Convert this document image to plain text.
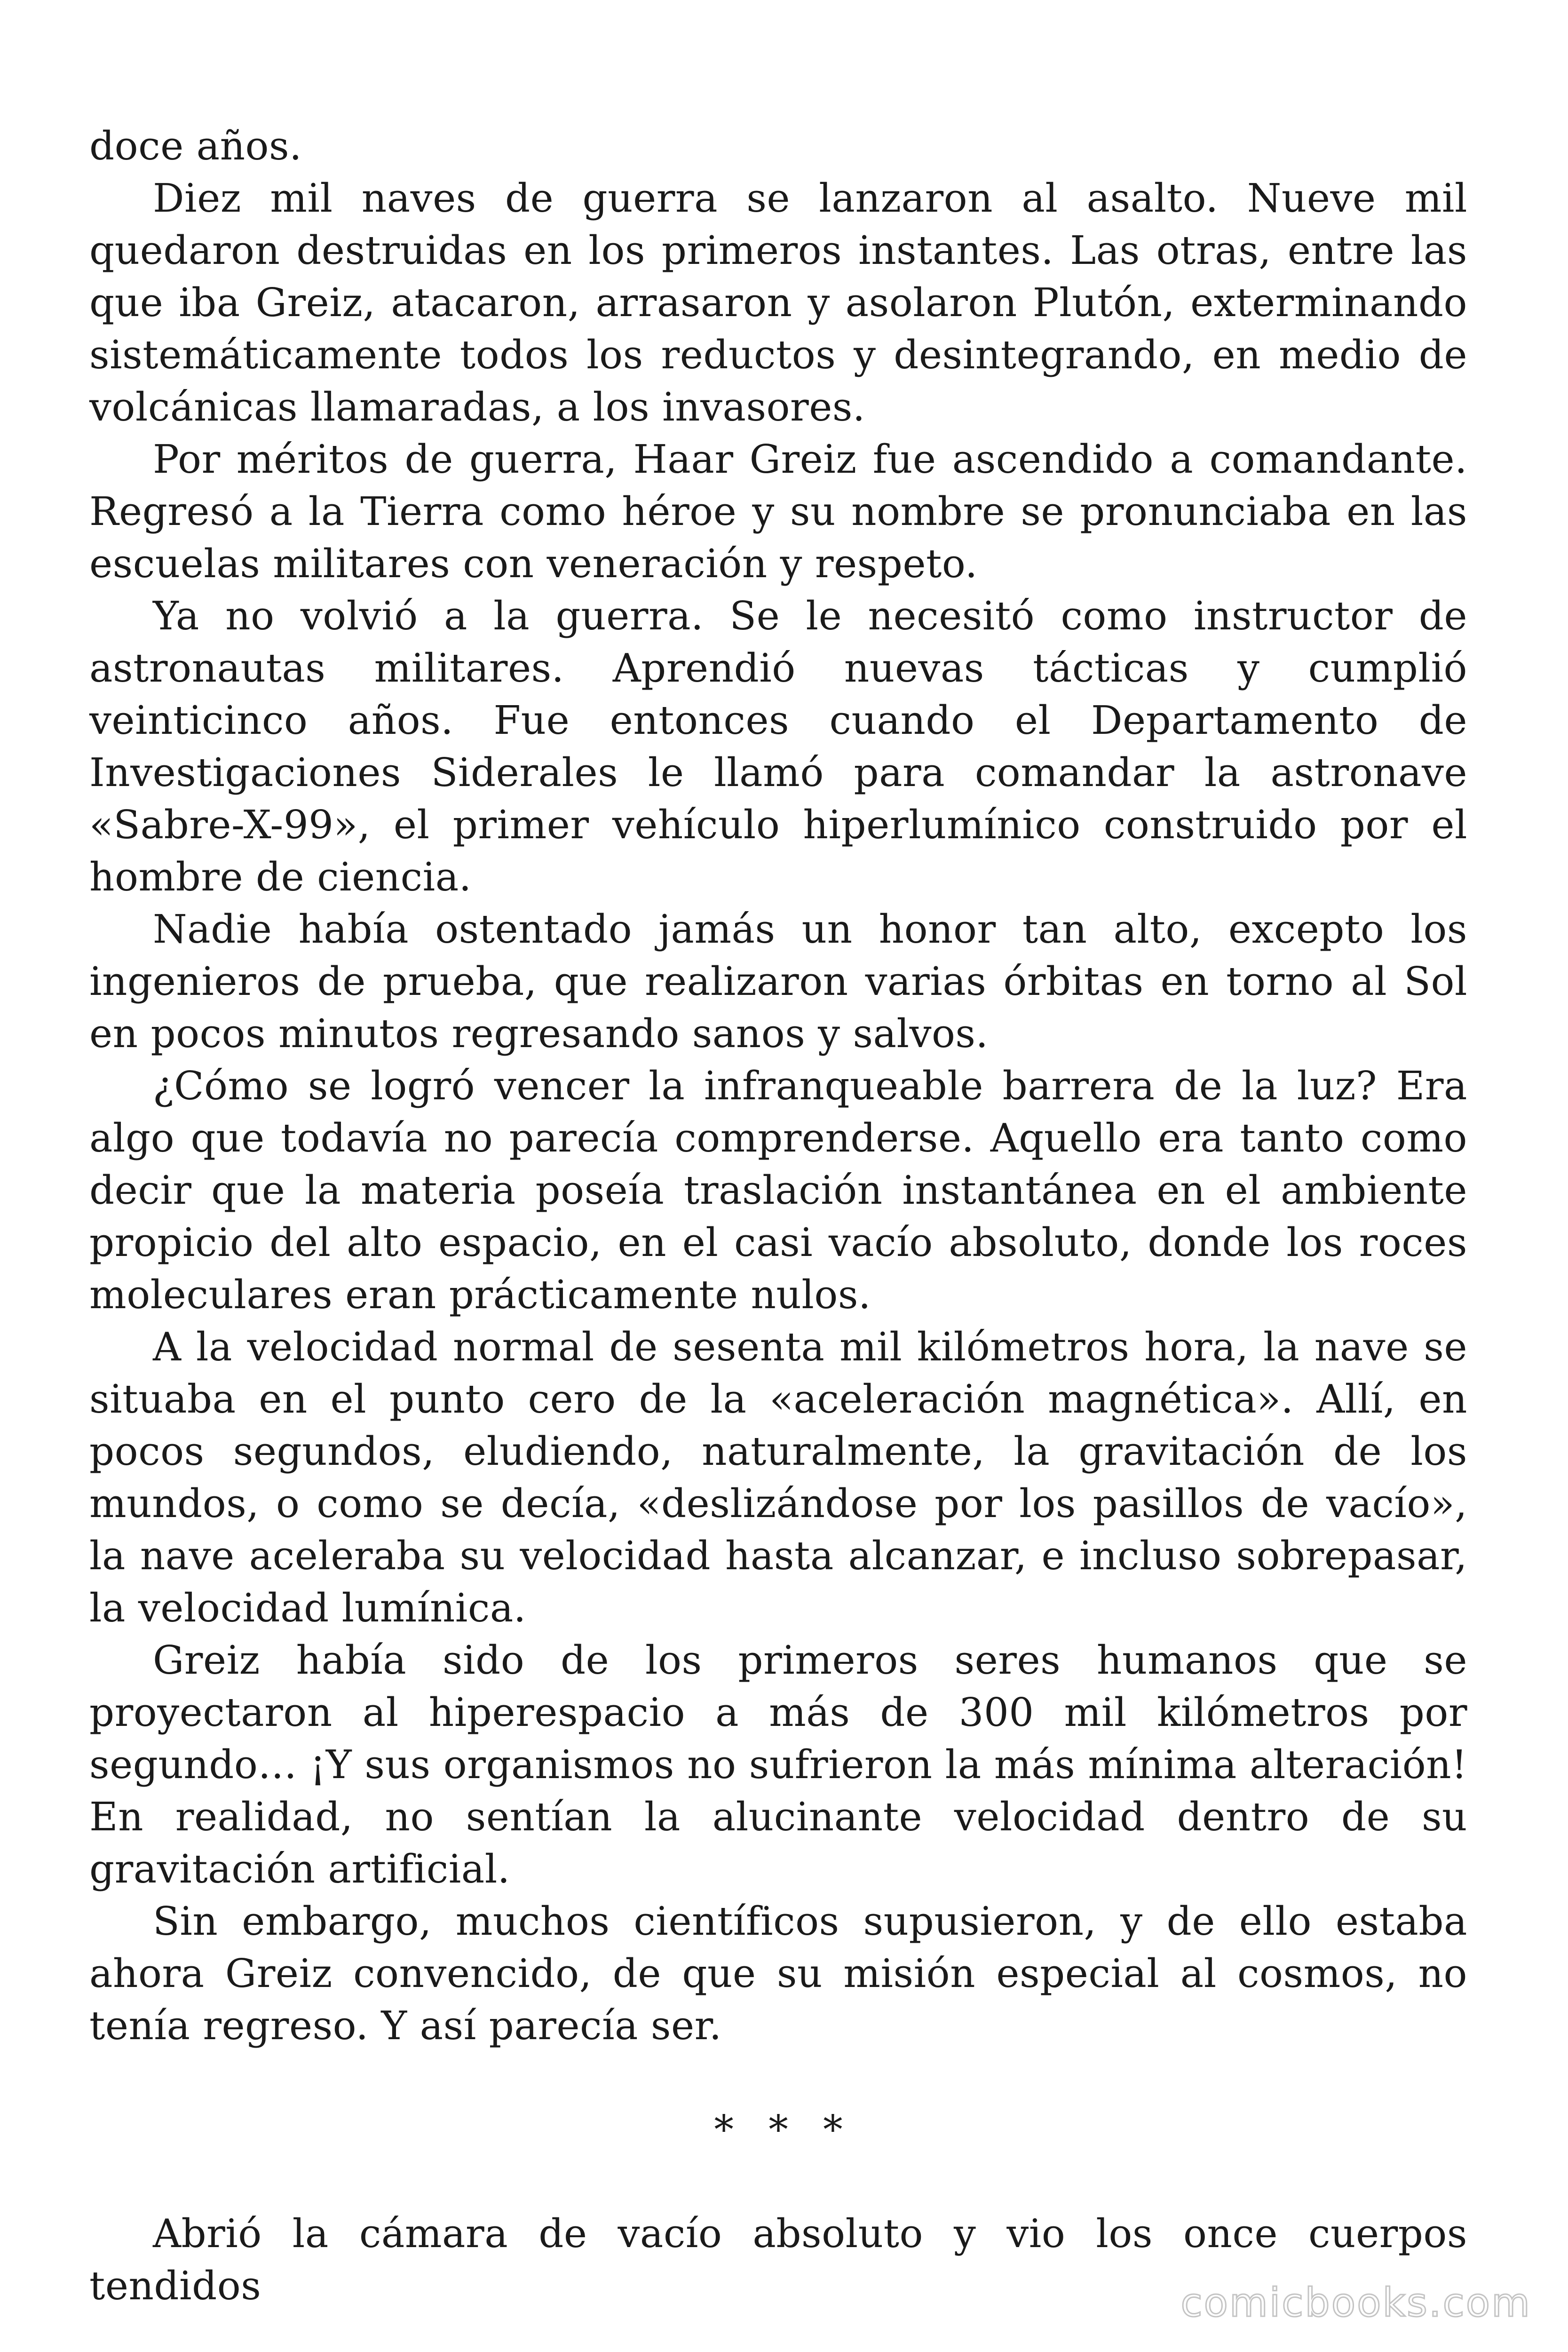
doce años.

Diez mil naves de guerra se lanzaron al asalto. Nueve mil quedaron destruidas en los primeros instantes. Las otras, entre las que iba Greiz, atacaron, arrasaron y asolaron Plutón, exterminando sistemáticamente todos los reductos y desintegrando, en medio de volcánicas llamaradas, a los invasores.

Por méritos de guerra, Haar Greiz fue ascendido a comandante. Regresó a la Tierra como héroe y su nombre se pronunciaba en las escuelas militares con veneración y respeto.

Ya no volvió a la guerra. Se le necesitó como instructor de astronautas militares. Aprendió nuevas tácticas y cumplió veinticinco años. Fue entonces cuando el Departamento de Investigaciones Siderales le llamó para comandar la astronave «Sabre-X-99», el primer vehículo hiperlumínico construido por el hombre de ciencia.

Nadie había ostentado jamás un honor tan alto, excepto los ingenieros de prueba, que realizaron varias órbitas en torno al Sol en pocos minutos regresando sanos y salvos.

¿Cómo se logró vencer la infranqueable barrera de la luz? Era algo que todavía no parecía comprenderse. Aquello era tanto como decir que la materia poseía traslación instantánea en el ambiente propicio del alto espacio, en el casi vacío absoluto, donde los roces moleculares eran prácticamente nulos.

A la velocidad normal de sesenta mil kilómetros hora, la nave se situaba en el punto cero de la «aceleración magnética». Allí, en pocos segundos, eludiendo, naturalmente, la gravitación de los mundos, o como se decía, «deslizándose por los pasillos de vacío», la nave aceleraba su velocidad hasta alcanzar, e incluso sobrepasar, la velocidad lumínica.

Greiz había sido de los primeros seres humanos que se proyectaron al hiperespacio a más de 300 mil kilómetros por segundo… ¡Y sus organismos no sufrieron la más mínima alteración! En realidad, no sentían la alucinante velocidad dentro de su gravitación artificial.

Sin embargo, muchos científicos supusieron, y de ello estaba ahora Greiz convencido, de que su misión especial al cosmos, no tenía regreso. Y así parecía ser.

* * *

Abrió la cámara de vacío absoluto y vio los once cuerpos tendidos	comicbooks.com
